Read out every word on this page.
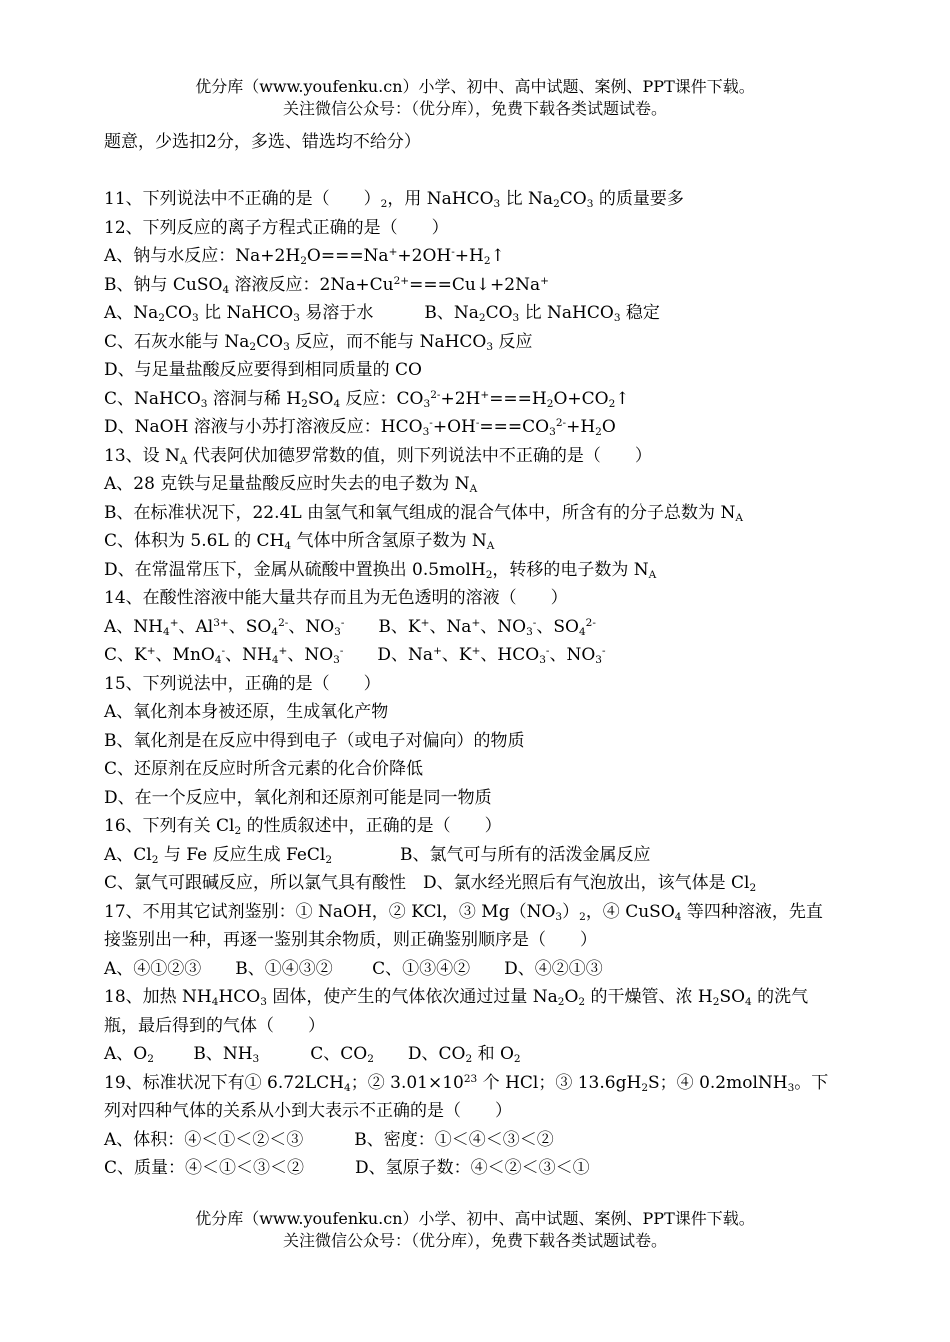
优分库（www.youfenku.cn）小学、初中、高中试题、案例、PPT课件下载。
关注微信公众号：（优分库），免费下载各类试题试卷。
题意，少选扣2分，多选、错选均不给分）
11、下列说法中不正确的是（　　）$_2$，用 NaHCO$_3$ 比 $Na_2CO_3$ 的质量要多
12、下列反应的离子方程式正确的是（　　）
A、钠与水反应：$Na+2H_2O===Na^++2OH^-+H_2↑$
B、钠与 CuSO$_4$ 溶液反应：$2Na+Cu^{2+}===Cu↓+2Na^+$
A、$Na_2CO_3$ 比 NaHCO$_3$ 易溶于水　　　B、$Na_2CO_3$ 比 NaHCO$_3$ 稳定
C、石灰水能与 $Na_2CO_3$ 反应，而不能与 NaHCO$_3$ 反应
D、与足量盐酸反应要得到相同质量的 CO
C、NaHCO$_3$ 溶洞与稀 $H_2SO_4$ 反应：$CO_3^{2-}+2H^+===H_2O+CO_2↑$
D、NaOH 溶液与小苏打溶液反应：$HCO_3^-+OH^-===CO_3^{2-}+H_2O$
13、设 $N_A$ 代表阿伏加德罗常数的值，则下列说法中不正确的是（　　）
A、28 克铁与足量盐酸反应时失去的电子数为 $N_A$
B、在标准状况下，22.4L 由氢气和氧气组成的混合气体中，所含有的分子总数为 $N_A$
C、体积为 5.6L 的 $CH_4$ 气体中所含氢原子数为 $N_A$
D、在常温常压下，金属从硫酸中置换出 0.5molH$_2$，转移的电子数为 $N_A$
14、在酸性溶液中能大量共存而且为无色透明的溶液（　　）
A、$NH_4^+$、$Al^{3+}$、$SO_4^{2-}$、$NO_3^-$　　B、K+、Na+、$NO_3^-$、$SO_4^{2-}$
C、K+、MnO$_4$-、$NH_4^+$、$NO_3^-$　　D、Na+、K+、$HCO_3^-$、$NO_3^-$
15、下列说法中，正确的是（　　）
A、氧化剂本身被还原，生成氧化产物
B、氧化剂是在反应中得到电子（或电子对偏向）的物质
C、还原剂在反应时所含元素的化合价降低
D、在一个反应中，氧化剂和还原剂可能是同一物质
16、下列有关 $Cl_2$ 的性质叙述中，正确的是（　　）
A、$Cl_2$ 与 Fe 反应生成 FeCl$_2$　　　　B、氯气可与所有的活泼金属反应
C、氯气可跟碱反应，所以氯气具有酸性　D、氯水经光照后有气泡放出，该气体是 $Cl_2$
17、不用其它试剂鉴别：① NaOH，② KCl，③ $Mg(NO_3)_2$，④ CuSO$_4$ 等四种溶液，先直接鉴别出一种，再逐一鉴别其余物质，则正确鉴别顺序是（　　）
A、④①②③　　B、①④③②　　 C、①③④②　　D、④②①③
18、加热 $NH_4HCO_3$ 固体，使产生的气体依次通过过量 $Na_2O_2$ 的干燥管、浓 $H_2SO_4$ 的洗气瓶，最后得到的气体（　　）
A、$O_2$　　 B、$NH_3$　　　C、$CO_2$　　D、$CO_2$ 和 $O_2$
19、标准状况下有① $6.72LCH_4$；② $3.01\times 10^{23}$ 个 HCl；③ $13.6gH_2S$；④ 0.2molNH$_3$。下列对四种气体的关系从小到大表示不正确的是（　　）
A、体积：④＜①＜②＜③　　　B、密度：①＜④＜③＜②
C、质量：④＜①＜③＜②　　　D、氢原子数：④＜②＜③＜①
优分库（www.youfenku.cn）小学、初中、高中试题、案例、PPT课件下载。
关注微信公众号：（优分库），免费下载各类试题试卷。
